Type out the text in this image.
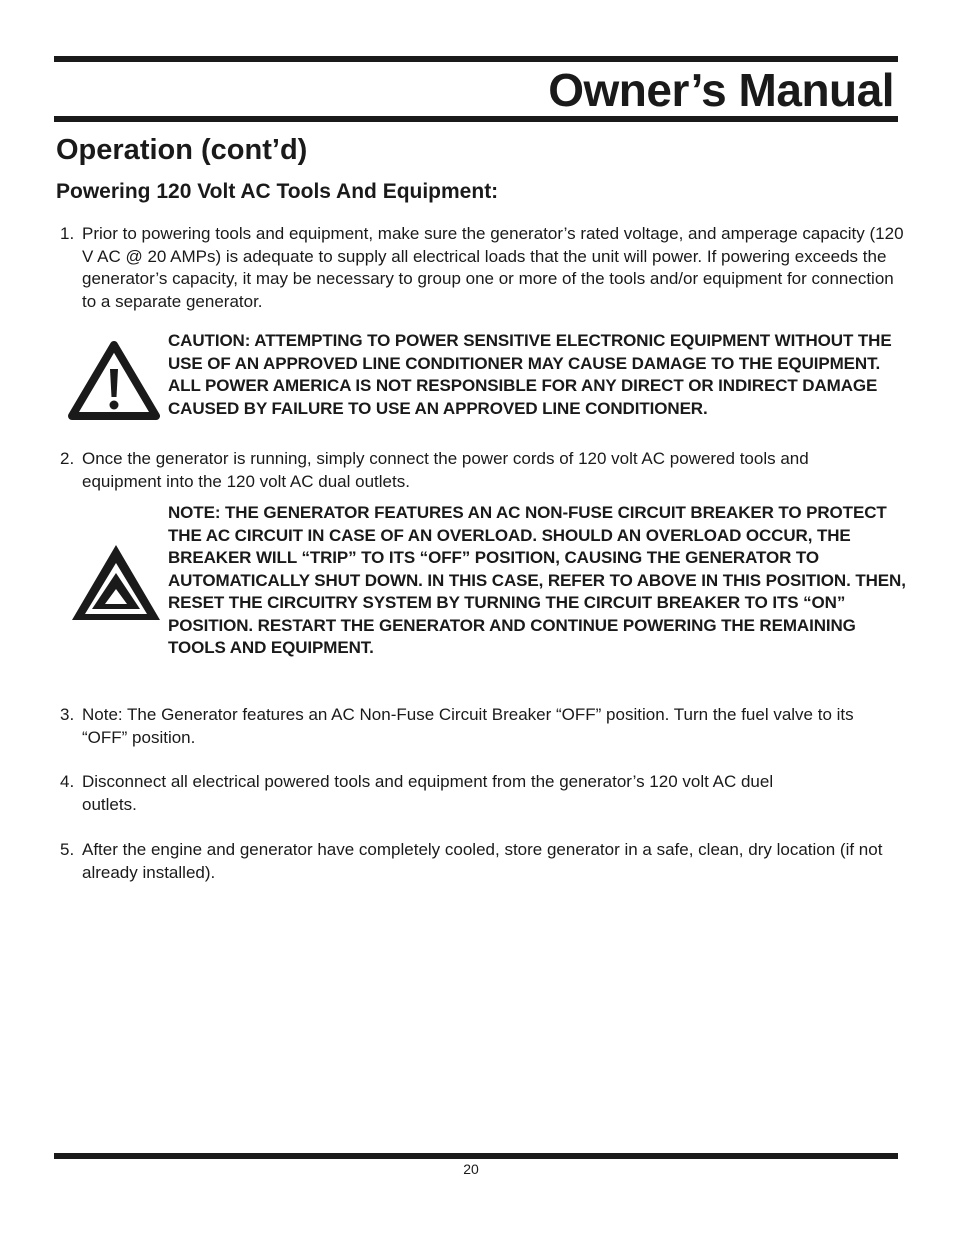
Owner’s Manual
Operation (cont’d)
Powering 120 Volt AC Tools And Equipment:
1. Prior to powering tools and equipment, make sure the generator’s rated voltage, and amperage capacity (120 V AC @ 20 AMPs) is adequate to supply all electrical loads that the unit will power. If powering exceeds the generator’s capacity, it may be necessary to group one or more of the tools and/or equipment for connection to a separate generator.
CAUTION: ATTEMPTING TO POWER SENSITIVE ELECTRONIC EQUIPMENT WITHOUT THE USE OF AN APPROVED LINE CONDITIONER MAY CAUSE DAMAGE TO THE EQUIPMENT. ALL POWER AMERICA IS NOT RESPONSIBLE FOR ANY DIRECT OR INDIRECT DAMAGE CAUSED BY FAILURE TO USE AN APPROVED LINE CONDITIONER.
2. Once the generator is running, simply connect the power cords of 120 volt AC powered tools and equipment into the 120 volt AC dual outlets.
NOTE: THE GENERATOR FEATURES AN AC NON-FUSE CIRCUIT BREAKER TO PROTECT THE AC CIRCUIT IN CASE OF AN OVERLOAD. SHOULD AN OVERLOAD OCCUR, THE BREAKER WILL “TRIP” TO ITS “OFF” POSITION, CAUSING THE GENERATOR TO AUTOMATICALLY SHUT DOWN. IN THIS CASE, REFER TO ABOVE IN THIS POSITION. THEN, RESET THE CIRCUITRY SYSTEM BY TURNING THE CIRCUIT BREAKER TO ITS “ON” POSITION. RESTART THE GENERATOR AND CONTINUE POWERING THE REMAINING TOOLS AND EQUIPMENT.
3. Note: The Generator features an AC Non-Fuse Circuit Breaker “OFF” position. Turn the fuel valve to its “OFF” position.
4. Disconnect all electrical powered tools and equipment from the generator’s 120 volt AC duel outlets.
5. After the engine and generator have completely cooled, store generator in a safe, clean, dry location (if not already installed).
20
